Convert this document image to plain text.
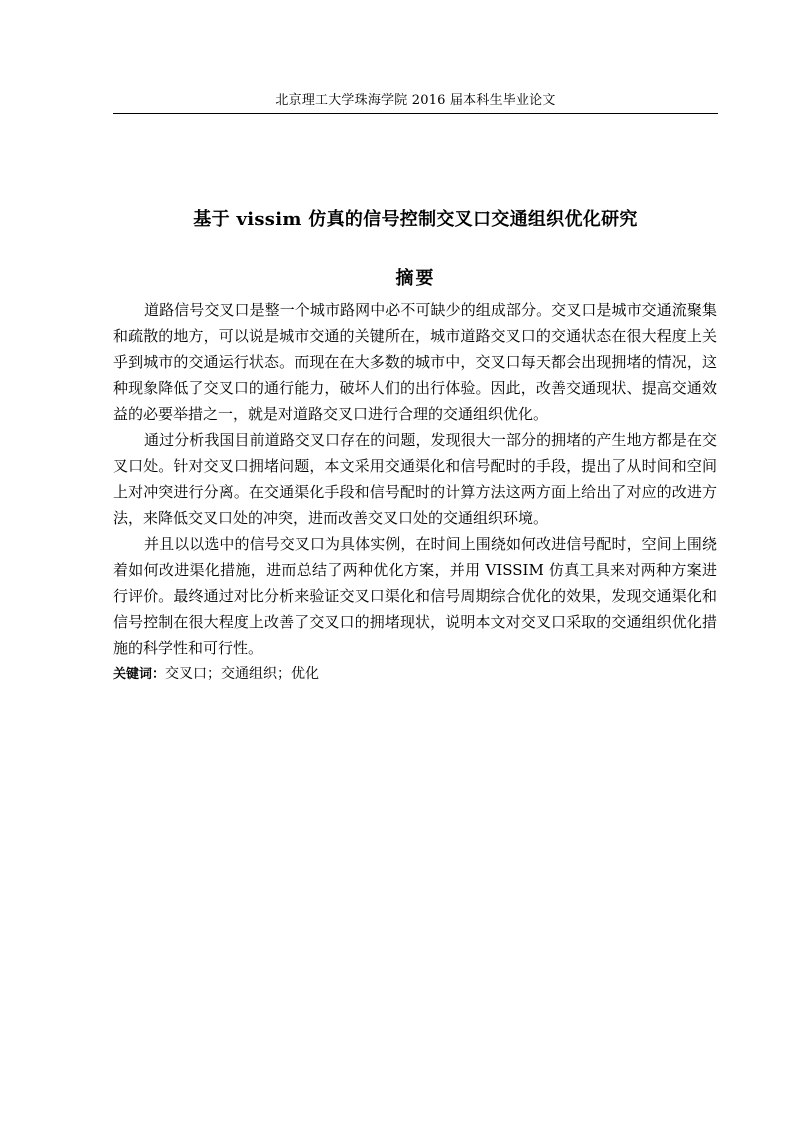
北京理工大学珠海学院 2016 届本科生毕业论文
基于 vissim 仿真的信号控制交叉口交通组织优化研究
摘要

道路信号交叉口是整一个城市路网中必不可缺少的组成部分。交叉口是城市交通流聚集和疏散的地方，可以说是城市交通的关键所在，城市道路交叉口的交通状态在很大程度上关乎到城市的交通运行状态。而现在在大多数的城市中，交叉口每天都会出现拥堵的情况，这种现象降低了交叉口的通行能力，破坏人们的出行体验。因此，改善交通现状、提高交通效益的必要举措之一，就是对道路交叉口进行合理的交通组织优化。

通过分析我国目前道路交叉口存在的问题，发现很大一部分的拥堵的产生地方都是在交叉口处。针对交叉口拥堵问题，本文采用交通渠化和信号配时的手段，提出了从时间和空间上对冲突进行分离。在交通渠化手段和信号配时的计算方法这两方面上给出了对应的改进方法，来降低交叉口处的冲突，进而改善交叉口处的交通组织环境。

并且以以选中的信号交叉口为具体实例，在时间上围绕如何改进信号配时，空间上围绕着如何改进渠化措施，进而总结了两种优化方案，并用 VISSIM 仿真工具来对两种方案进行评价。最终通过对比分析来验证交叉口渠化和信号周期综合优化的效果，发现交通渠化和信号控制在很大程度上改善了交叉口的拥堵现状，说明本文对交叉口采取的交通组织优化措施的科学性和可行性。

关键词：交叉口；交通组织；优化
